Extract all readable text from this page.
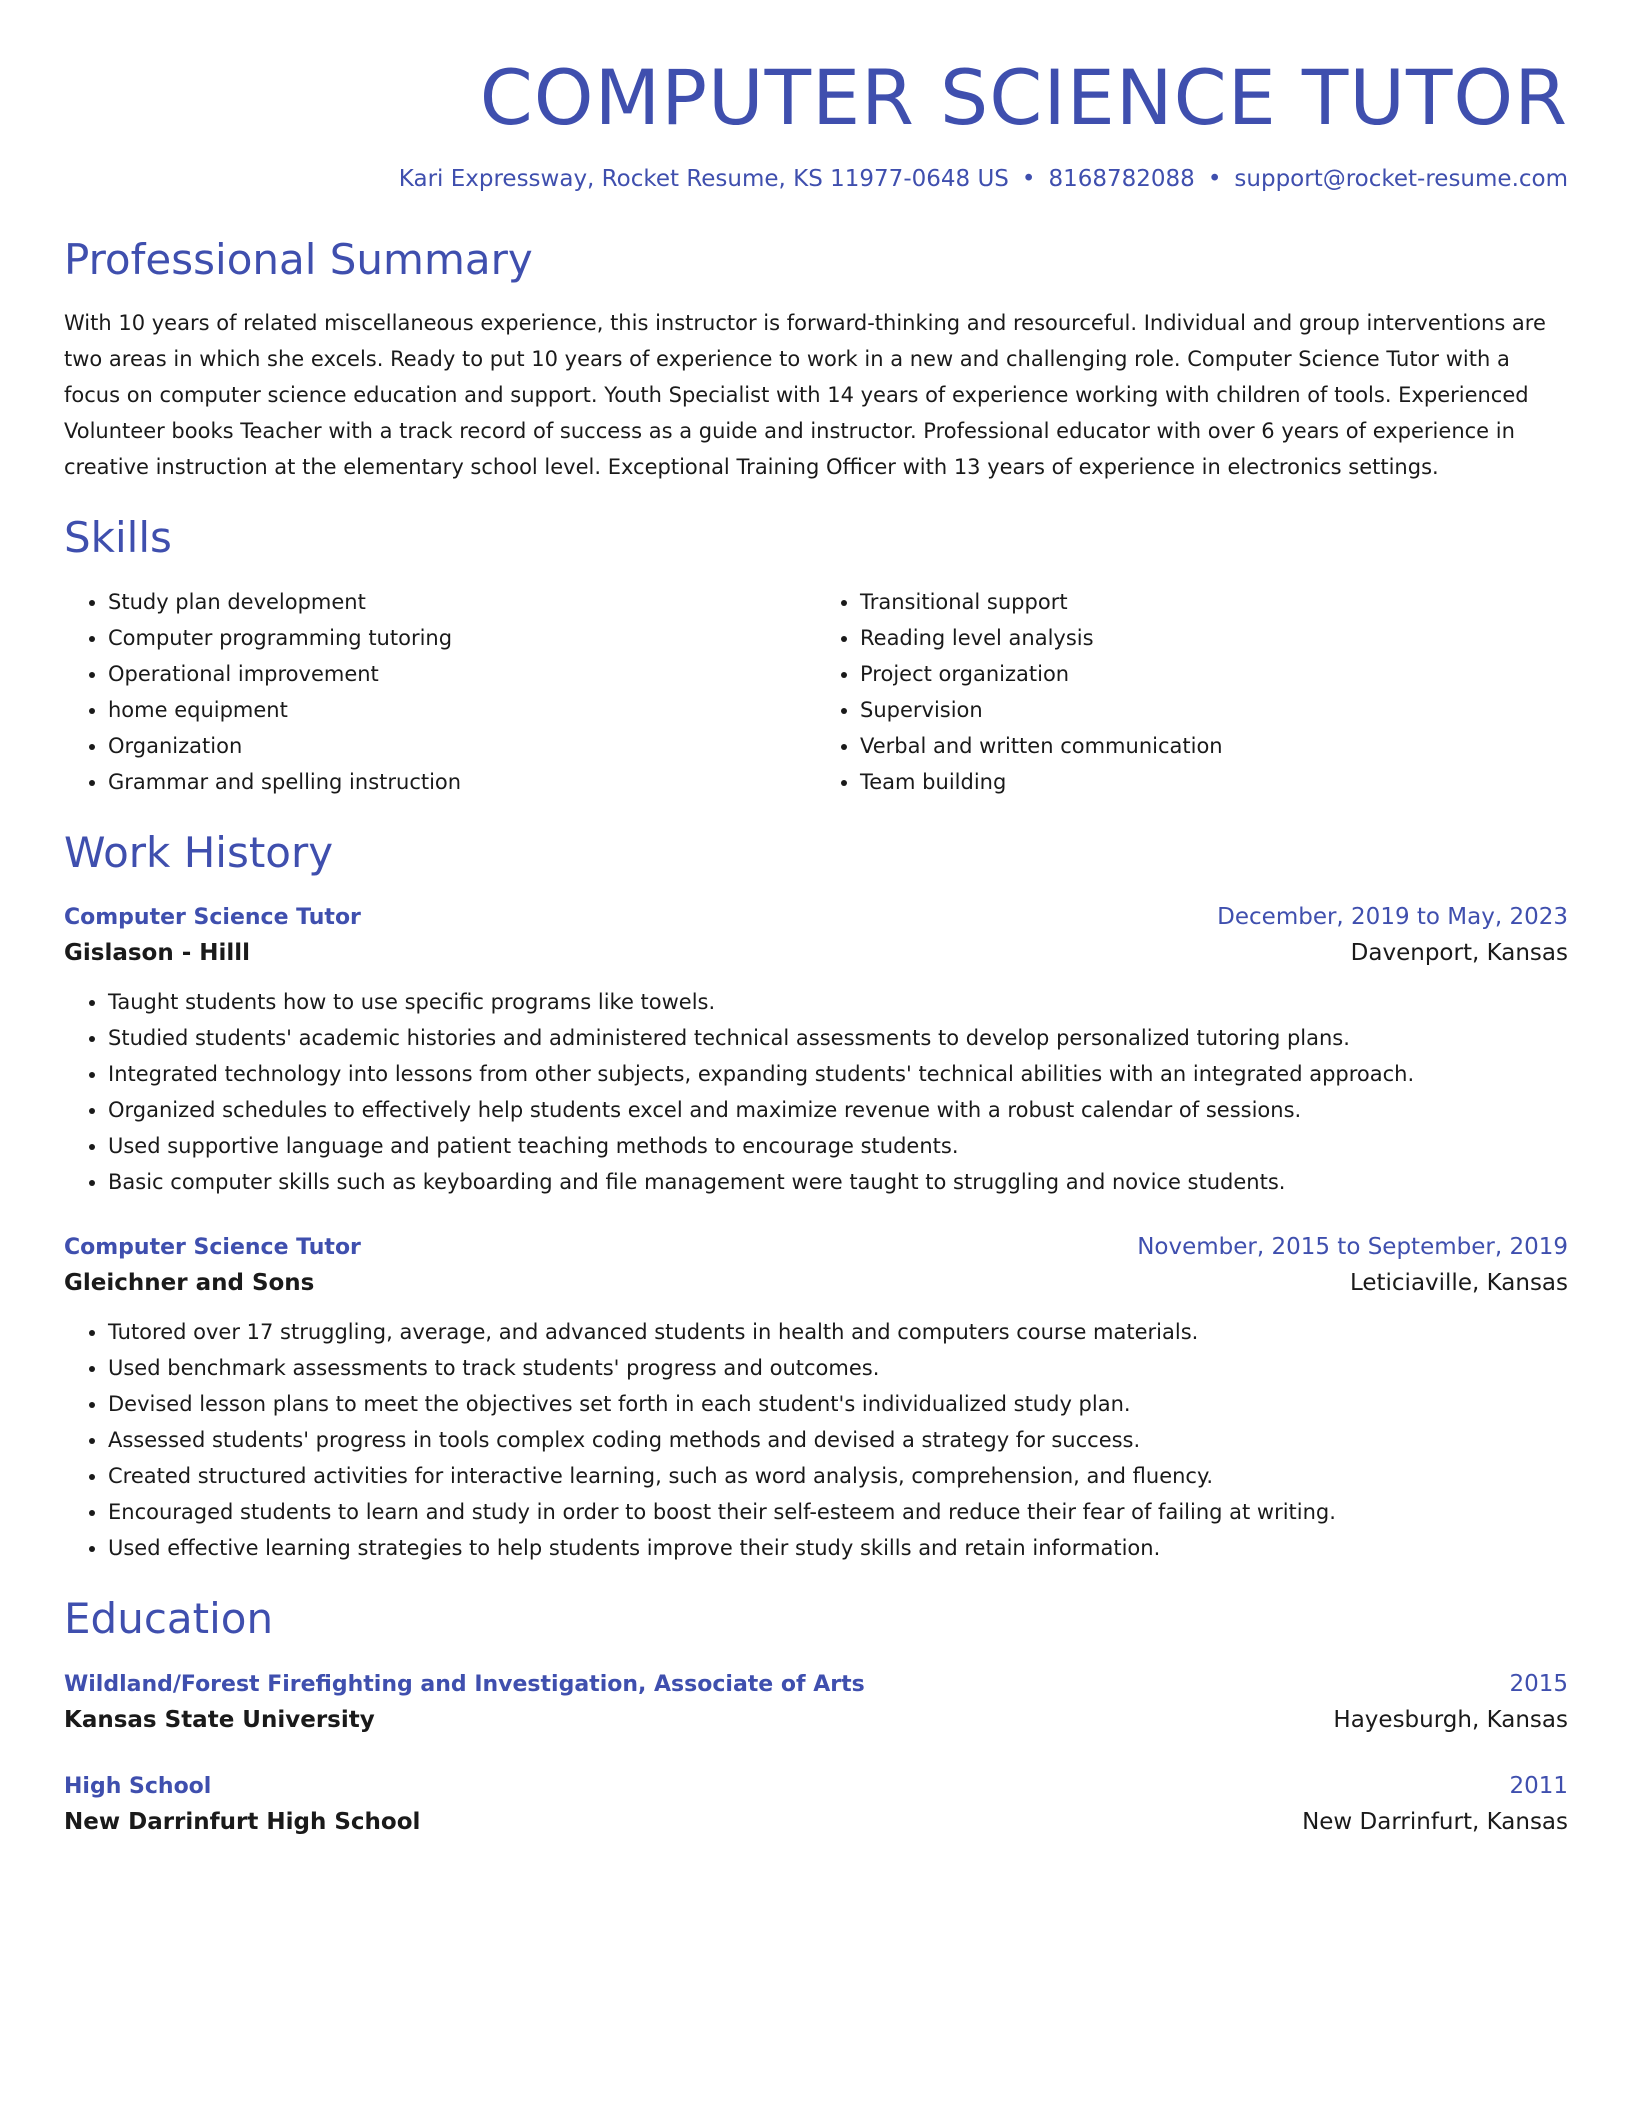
COMPUTER SCIENCE TUTOR
Kari Expressway, Rocket Resume, KS 11977-0648 US • 8168782088 • support@rocket-resume.com
Professional Summary
With 10 years of related miscellaneous experience, this instructor is forward-thinking and resourceful. Individual and group interventions are two areas in which she excels. Ready to put 10 years of experience to work in a new and challenging role. Computer Science Tutor with a focus on computer science education and support. Youth Specialist with 14 years of experience working with children of tools. Experienced Volunteer books Teacher with a track record of success as a guide and instructor. Professional educator with over 6 years of experience in creative instruction at the elementary school level. Exceptional Training Officer with 13 years of experience in electronics settings.
Skills
• Study plan development
• Computer programming tutoring
• Operational improvement
• home equipment
• Organization
• Grammar and spelling instruction
• Transitional support
• Reading level analysis
• Project organization
• Supervision
• Verbal and written communication
• Team building
Work History
Computer Science Tutor	December, 2019 to May, 2023
Gislason - Hilll	Davenport, Kansas
• Taught students how to use specific programs like towels.
• Studied students' academic histories and administered technical assessments to develop personalized tutoring plans.
• Integrated technology into lessons from other subjects, expanding students' technical abilities with an integrated approach.
• Organized schedules to effectively help students excel and maximize revenue with a robust calendar of sessions.
• Used supportive language and patient teaching methods to encourage students.
• Basic computer skills such as keyboarding and file management were taught to struggling and novice students.
Computer Science Tutor	November, 2015 to September, 2019
Gleichner and Sons	Leticiaville, Kansas
• Tutored over 17 struggling, average, and advanced students in health and computers course materials.
• Used benchmark assessments to track students' progress and outcomes.
• Devised lesson plans to meet the objectives set forth in each student's individualized study plan.
• Assessed students' progress in tools complex coding methods and devised a strategy for success.
• Created structured activities for interactive learning, such as word analysis, comprehension, and fluency.
• Encouraged students to learn and study in order to boost their self-esteem and reduce their fear of failing at writing.
• Used effective learning strategies to help students improve their study skills and retain information.
Education
Wildland/Forest Firefighting and Investigation, Associate of Arts	2015
Kansas State University	Hayesburgh, Kansas
High School	2011
New Darrinfurt High School	New Darrinfurt, Kansas
